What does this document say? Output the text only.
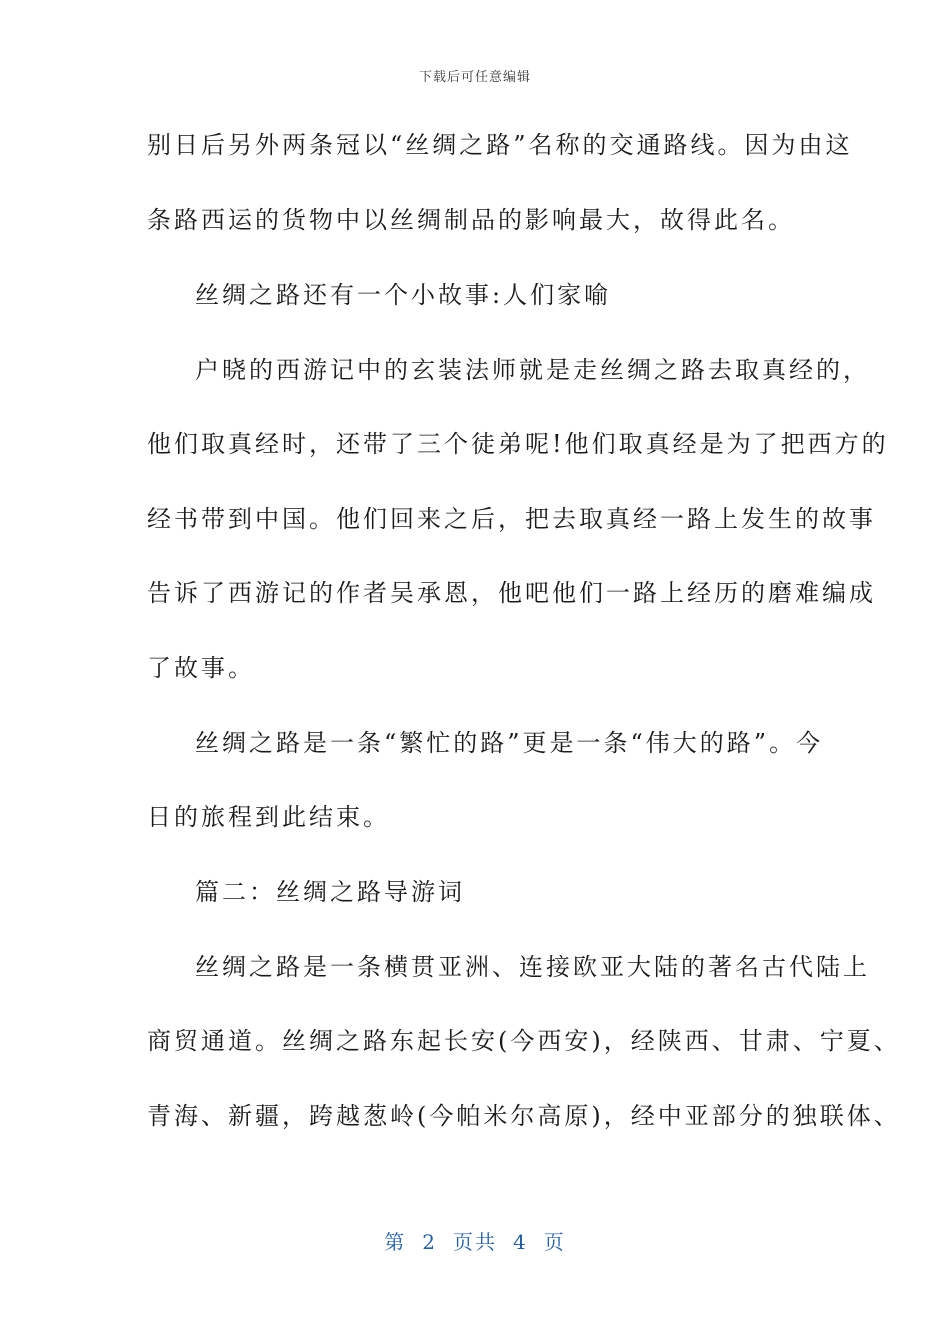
下载后可任意编辑
别日后另外两条冠以“丝绸之路”名称的交通路线。因为由这
条路西运的货物中以丝绸制品的影响最大，故得此名。
丝绸之路还有一个小故事:人们家喻
户晓的西游记中的玄装法师就是走丝绸之路去取真经的，
他们取真经时，还带了三个徒弟呢!他们取真经是为了把西方的
经书带到中国。他们回来之后，把去取真经一路上发生的故事
告诉了西游记的作者吴承恩，他吧他们一路上经历的磨难编成
了故事。
丝绸之路是一条“繁忙的路”更是一条“伟大的路”。今
日的旅程到此结束。
篇二：丝绸之路导游词
丝绸之路是一条横贯亚洲、连接欧亚大陆的著名古代陆上
商贸通道。丝绸之路东起长安(今西安)，经陕西、甘肃、宁夏、
青海、新疆，跨越葱岭(今帕米尔高原)，经中亚部分的独联体、
第 2 页共 4 页
